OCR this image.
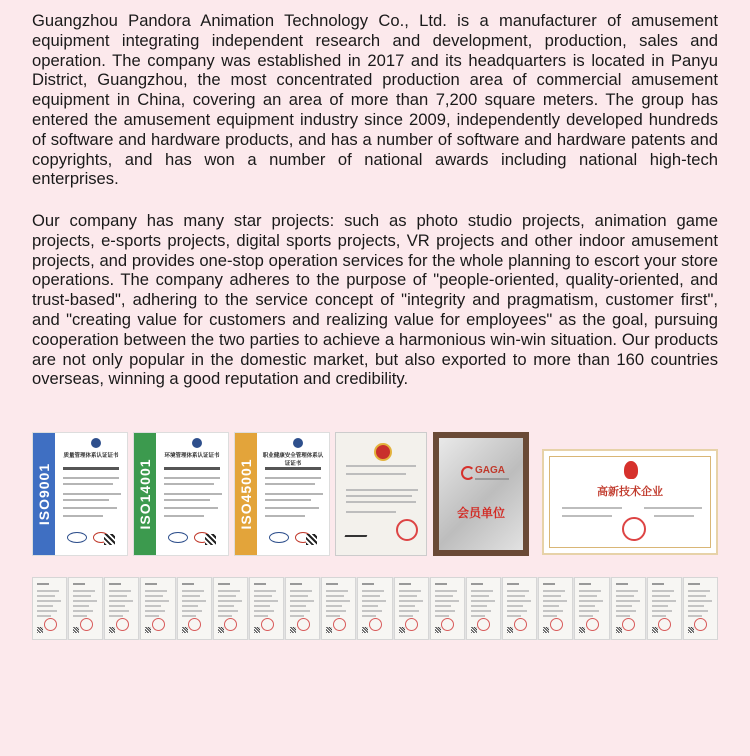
Guangzhou Pandora Animation Technology Co., Ltd. is a manufacturer of amusement equipment integrating independent research and development, production, sales and operation. The company was established in 2017 and its headquarters is located in Panyu District, Guangzhou, the most concentrated production area of commercial amusement equipment in China, covering an area of more than 7,200 square meters. The group has entered the amusement equipment industry since 2009, independently developed hundreds of software and hardware products, and has a number of software and hardware patents and copyrights, and has won a number of national awards including national high-tech enterprises.

Our company has many star projects: such as photo studio projects, animation game projects, e-sports projects, digital sports projects, VR projects and other indoor amusement projects, and provides one-stop operation services for the whole planning to escort your store operations. The company adheres to the purpose of "people-oriented, quality-oriented, and trust-based", adhering to the service concept of "integrity and pragmatism, customer first", and "creating value for customers and realizing value for employees" as the goal, pursuing cooperation between the two parties to achieve a harmonious win-win situation. Our products are not only popular in the domestic market, but also exported to more than 160 countries overseas, winning a good reputation and credibility.

ISO9001
质量管理体系认证证书
ISO14001
环境管理体系认证证书
ISO45001
职业健康安全管理体系认证证书
GAGA
会员单位
高新技术企业
